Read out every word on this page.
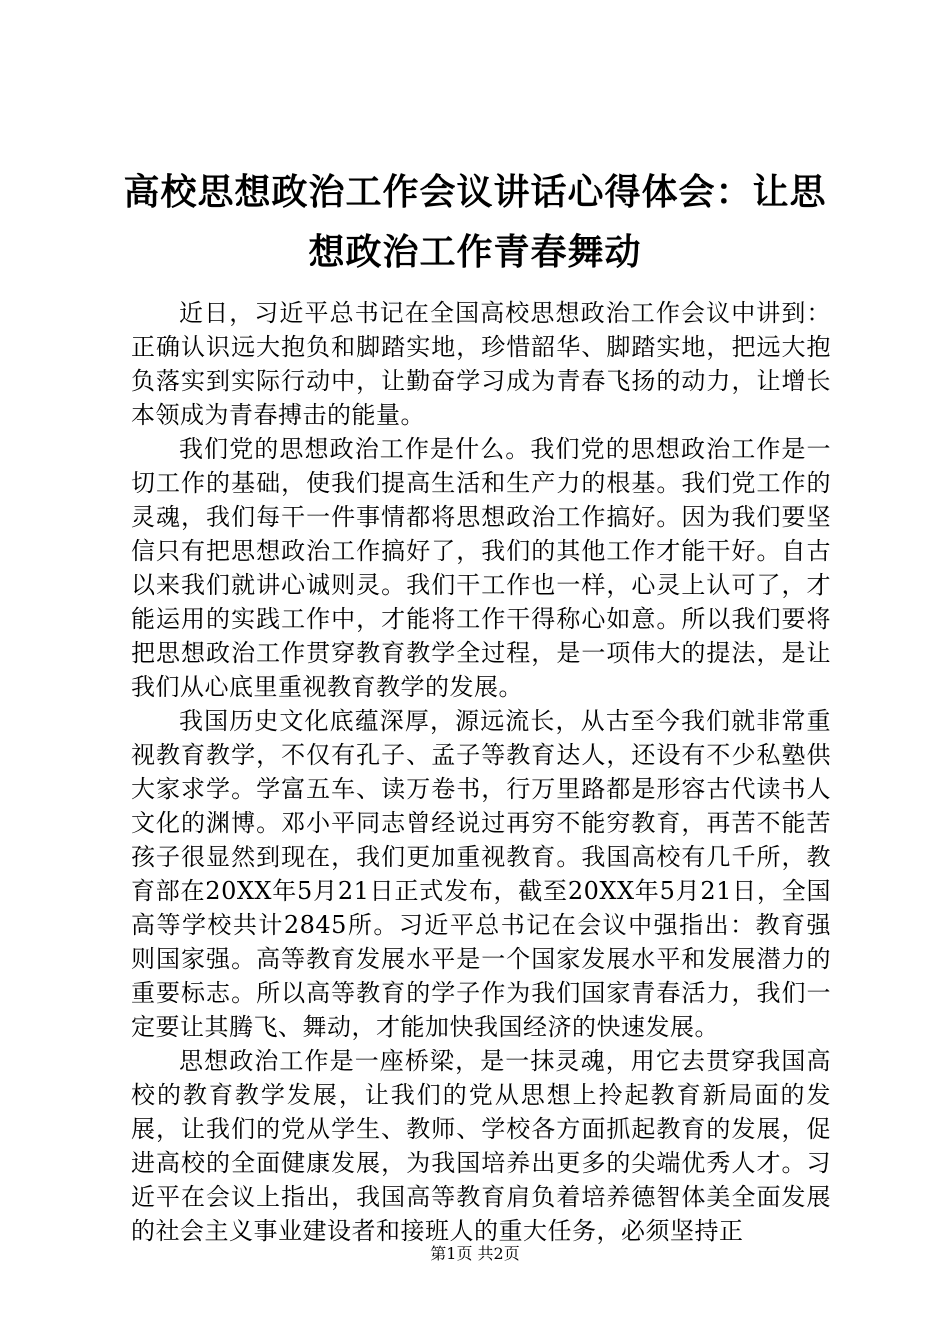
高校思想政治工作会议讲话心得体会：让思想政治工作青春舞动

近日，习近平总书记在全国高校思想政治工作会议中讲到：正确认识远大抱负和脚踏实地，珍惜韶华、脚踏实地，把远大抱负落实到实际行动中，让勤奋学习成为青春飞扬的动力，让增长本领成为青春搏击的能量。

我们党的思想政治工作是什么。我们党的思想政治工作是一切工作的基础，使我们提高生活和生产力的根基。我们党工作的灵魂，我们每干一件事情都将思想政治工作搞好。因为我们要坚信只有把思想政治工作搞好了，我们的其他工作才能干好。自古以来我们就讲心诚则灵。我们干工作也一样，心灵上认可了，才能运用的实践工作中，才能将工作干得称心如意。所以我们要将把思想政治工作贯穿教育教学全过程，是一项伟大的提法，是让我们从心底里重视教育教学的发展。

我国历史文化底蕴深厚，源远流长，从古至今我们就非常重视教育教学，不仅有孔子、孟子等教育达人，还设有不少私塾供大家求学。学富五车、读万卷书，行万里路都是形容古代读书人文化的渊博。邓小平同志曾经说过再穷不能穷教育，再苦不能苦孩子很显然到现在，我们更加重视教育。我国高校有几千所，教育部在20XX年5月21日正式发布，截至20XX年5月21日，全国高等学校共计2845所。习近平总书记在会议中强指出：教育强则国家强。高等教育发展水平是一个国家发展水平和发展潜力的重要标志。所以高等教育的学子作为我们国家青春活力，我们一定要让其腾飞、舞动，才能加快我国经济的快速发展。

思想政治工作是一座桥梁，是一抹灵魂，用它去贯穿我国高校的教育教学发展，让我们的党从思想上拎起教育新局面的发展，让我们的党从学生、教师、学校各方面抓起教育的发展，促进高校的全面健康发展，为我国培养出更多的尖端优秀人才。习近平在会议上指出，我国高等教育肩负着培养德智体美全面发展的社会主义事业建设者和接班人的重大任务，必须坚持正

第1页 共2页
